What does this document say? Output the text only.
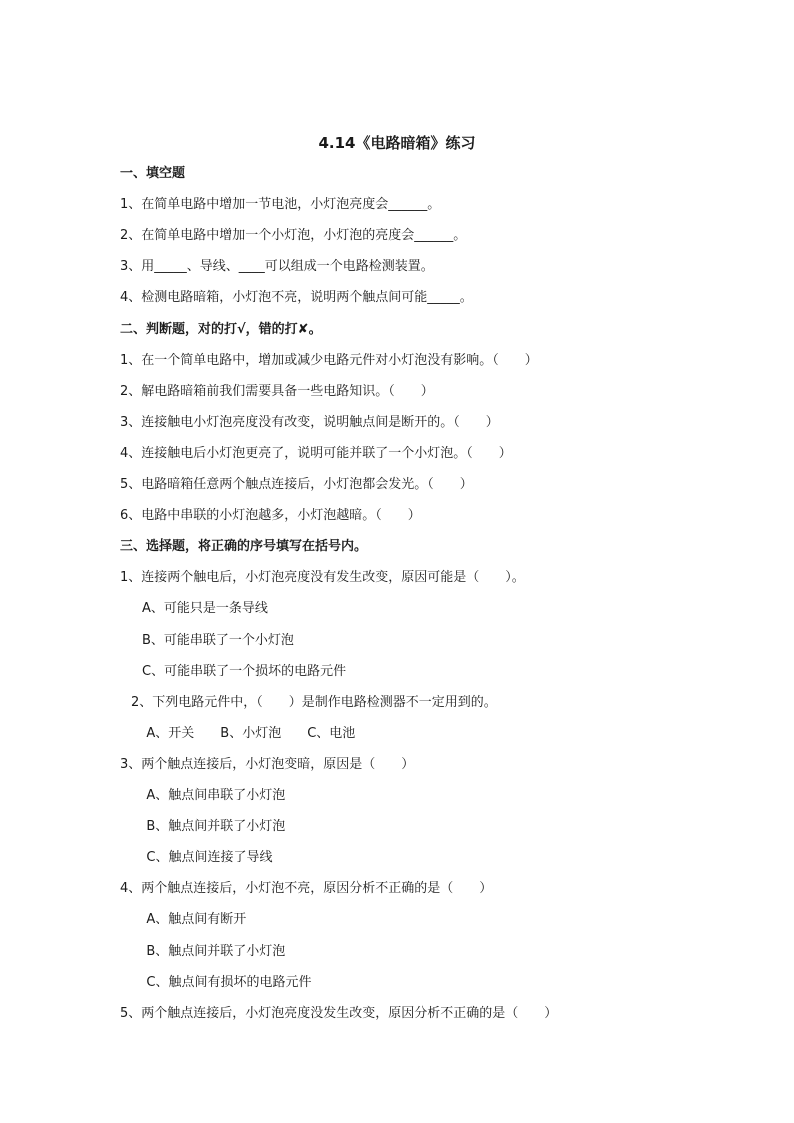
4.14《电路暗箱》练习
一、填空题
1、在简单电路中增加一节电池，小灯泡亮度会______。
2、在简单电路中增加一个小灯泡，小灯泡的亮度会______。
3、用_____、导线、____可以组成一个电路检测装置。
4、检测电路暗箱，小灯泡不亮，说明两个触点间可能_____。
二、判断题，对的打√，错的打✘。
1、在一个简单电路中，增加或减少电路元件对小灯泡没有影响。（　　）
2、解电路暗箱前我们需要具备一些电路知识。（　　）
3、连接触电小灯泡亮度没有改变，说明触点间是断开的。（　　）
4、连接触电后小灯泡更亮了，说明可能并联了一个小灯泡。（　　）
5、电路暗箱任意两个触点连接后，小灯泡都会发光。（　　）
6、电路中串联的小灯泡越多，小灯泡越暗。（　　）
三、选择题，将正确的序号填写在括号内。
1、连接两个触电后，小灯泡亮度没有发生改变，原因可能是（　　）。
A、可能只是一条导线
B、可能串联了一个小灯泡
C、可能串联了一个损坏的电路元件
2、下列电路元件中，（　　）是制作电路检测器不一定用到的。
A、开关　　B、小灯泡　　C、电池
3、两个触点连接后，小灯泡变暗，原因是（　　）
A、触点间串联了小灯泡
B、触点间并联了小灯泡
C、触点间连接了导线
4、两个触点连接后，小灯泡不亮，原因分析不正确的是（　　）
A、触点间有断开
B、触点间并联了小灯泡
C、触点间有损坏的电路元件
5、两个触点连接后，小灯泡亮度没发生改变，原因分析不正确的是（　　）
